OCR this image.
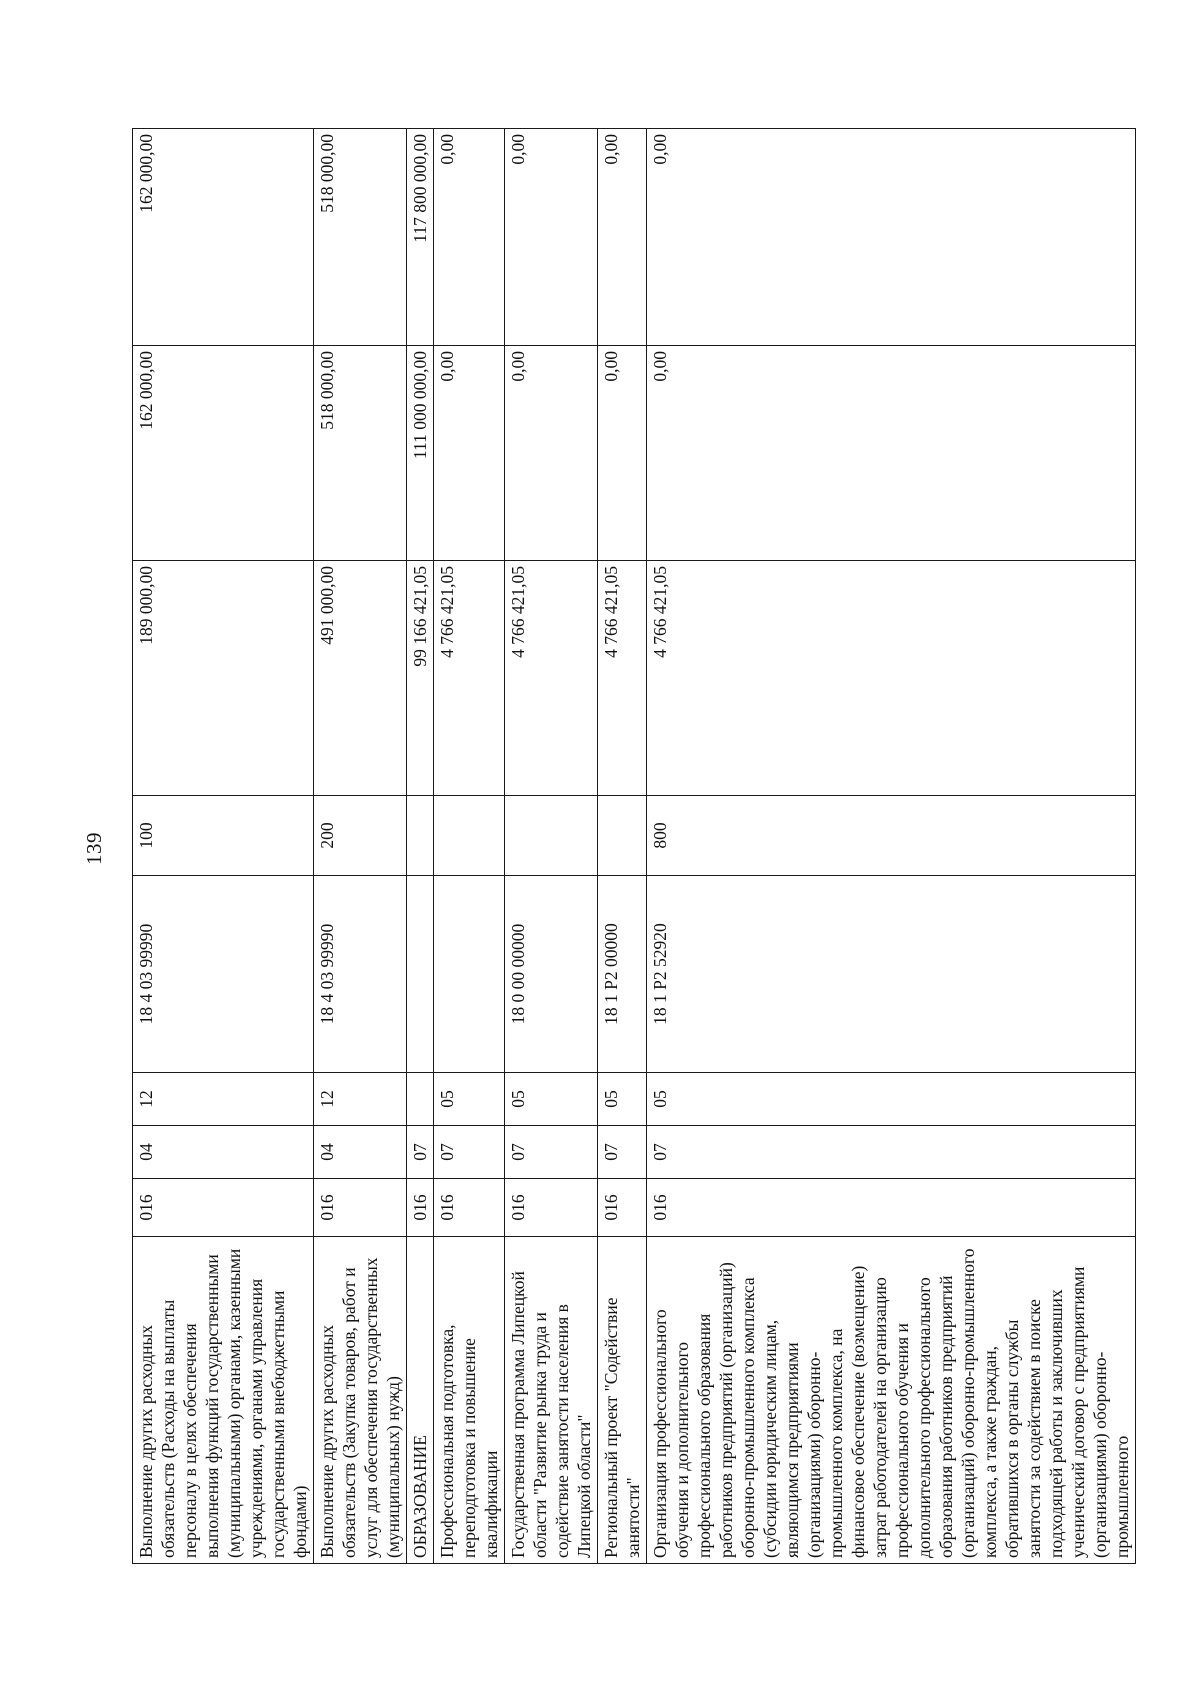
139
Выполнение других расходных обязательств (Расходы на выплаты персоналу в целях обеспечения выполнения функций государственными (муниципальными) органами, казенными учреждениями, органами управления государственными внебюджетными фондами)	016	04	12	18 4 03 99990	100	189 000,00	162 000,00	162 000,00
Выполнение других расходных обязательств (Закупка товаров, работ и услуг для обеспечения государственных (муниципальных) нужд)	016	04	12	18 4 03 99990	200	491 000,00	518 000,00	518 000,00
ОБРАЗОВАНИЕ	016	07				99 166 421,05	111 000 000,00	117 800 000,00
Профессиональная подготовка, переподготовка и повышение квалификации	016	07	05			4 766 421,05	0,00	0,00
Государственная программа Липецкой области "Развитие рынка труда и содействие занятости населения в Липецкой области"	016	07	05	18 0 00 00000		4 766 421,05	0,00	0,00
Региональный проект "Содействие занятости"	016	07	05	18 1 P2 00000		4 766 421,05	0,00	0,00
Организация профессионального обучения и дополнительного профессионального образования работников предприятий (организаций) оборонно-промышленного комплекса (субсидии юридическим лицам, являющимся предприятиями (организациями) оборонно-промышленного комплекса, на финансовое обеспечение (возмещение) затрат работодателей на организацию профессионального обучения и дополнительного профессионального образования работников предприятий (организаций) оборонно-промышленного комплекса, а также граждан, обратившихся в органы службы занятости за содействием в поиске подходящей работы и заключивших ученический договор с предприятиями (организациями) оборонно-промышленного	016	07	05	18 1 P2 52920	800	4 766 421,05	0,00	0,00
